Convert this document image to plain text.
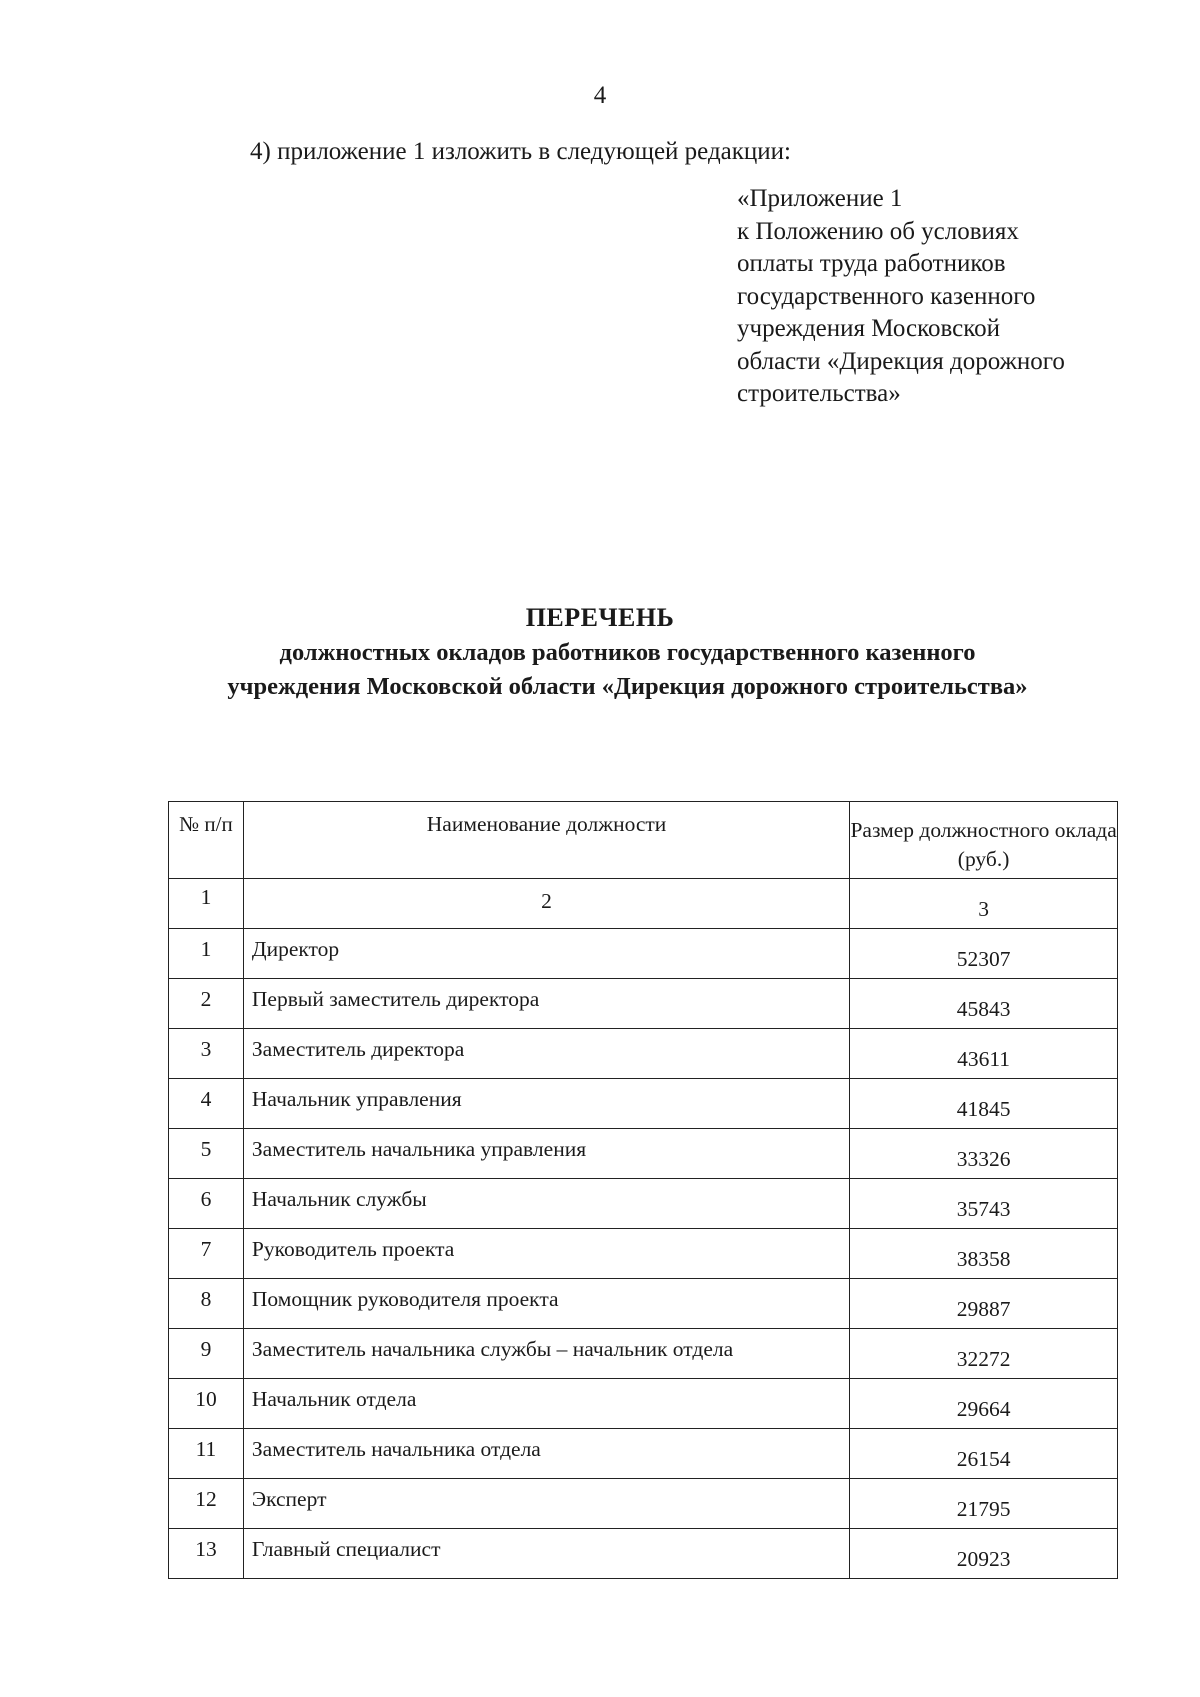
4
4) приложение 1 изложить в следующей редакции:
«Приложение 1
к Положению об условиях
оплаты труда работников
государственного казенного
учреждения Московской
области «Дирекция дорожного
строительства»
ПЕРЕЧЕНЬ
должностных окладов работников государственного казенного
учреждения Московской области «Дирекция дорожного строительства»
№ п/п	Наименование должности	Размер должностного оклада (руб.)
1	2	3
1	Директор	52307
2	Первый заместитель директора	45843
3	Заместитель директора	43611
4	Начальник управления	41845
5	Заместитель начальника управления	33326
6	Начальник службы	35743
7	Руководитель проекта	38358
8	Помощник руководителя проекта	29887
9	Заместитель начальника службы – начальник отдела	32272
10	Начальник отдела	29664
11	Заместитель начальника отдела	26154
12	Эксперт	21795
13	Главный специалист	20923
